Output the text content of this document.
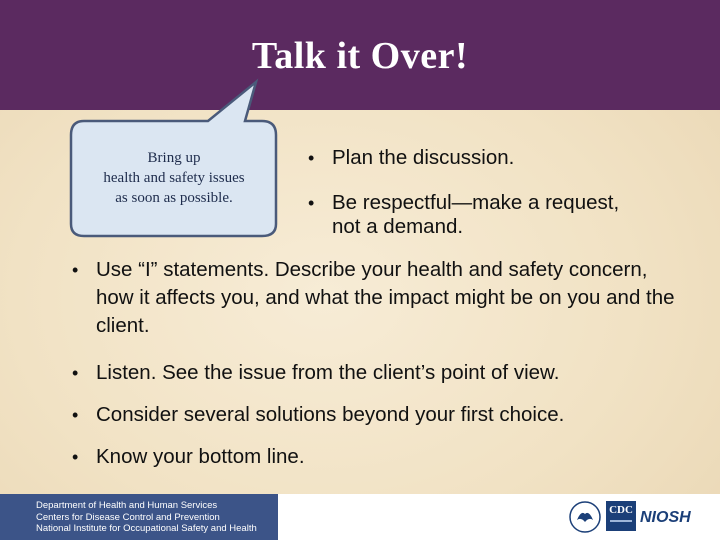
Talk it Over!
Bring up
health and safety issues
as soon as possible.
• Plan the discussion.
• Be respectful—make a request, not a demand.
• Use “I” statements. Describe your health and safety concern, how it affects you, and what the impact might be on you and the client.
• Listen. See the issue from the client’s point of view.
• Consider several solutions beyond your first choice.
• Know your bottom line.
Department of Health and Human Services
Centers for Disease Control and Prevention
National Institute for Occupational Safety and Health
CDC NIOSH
